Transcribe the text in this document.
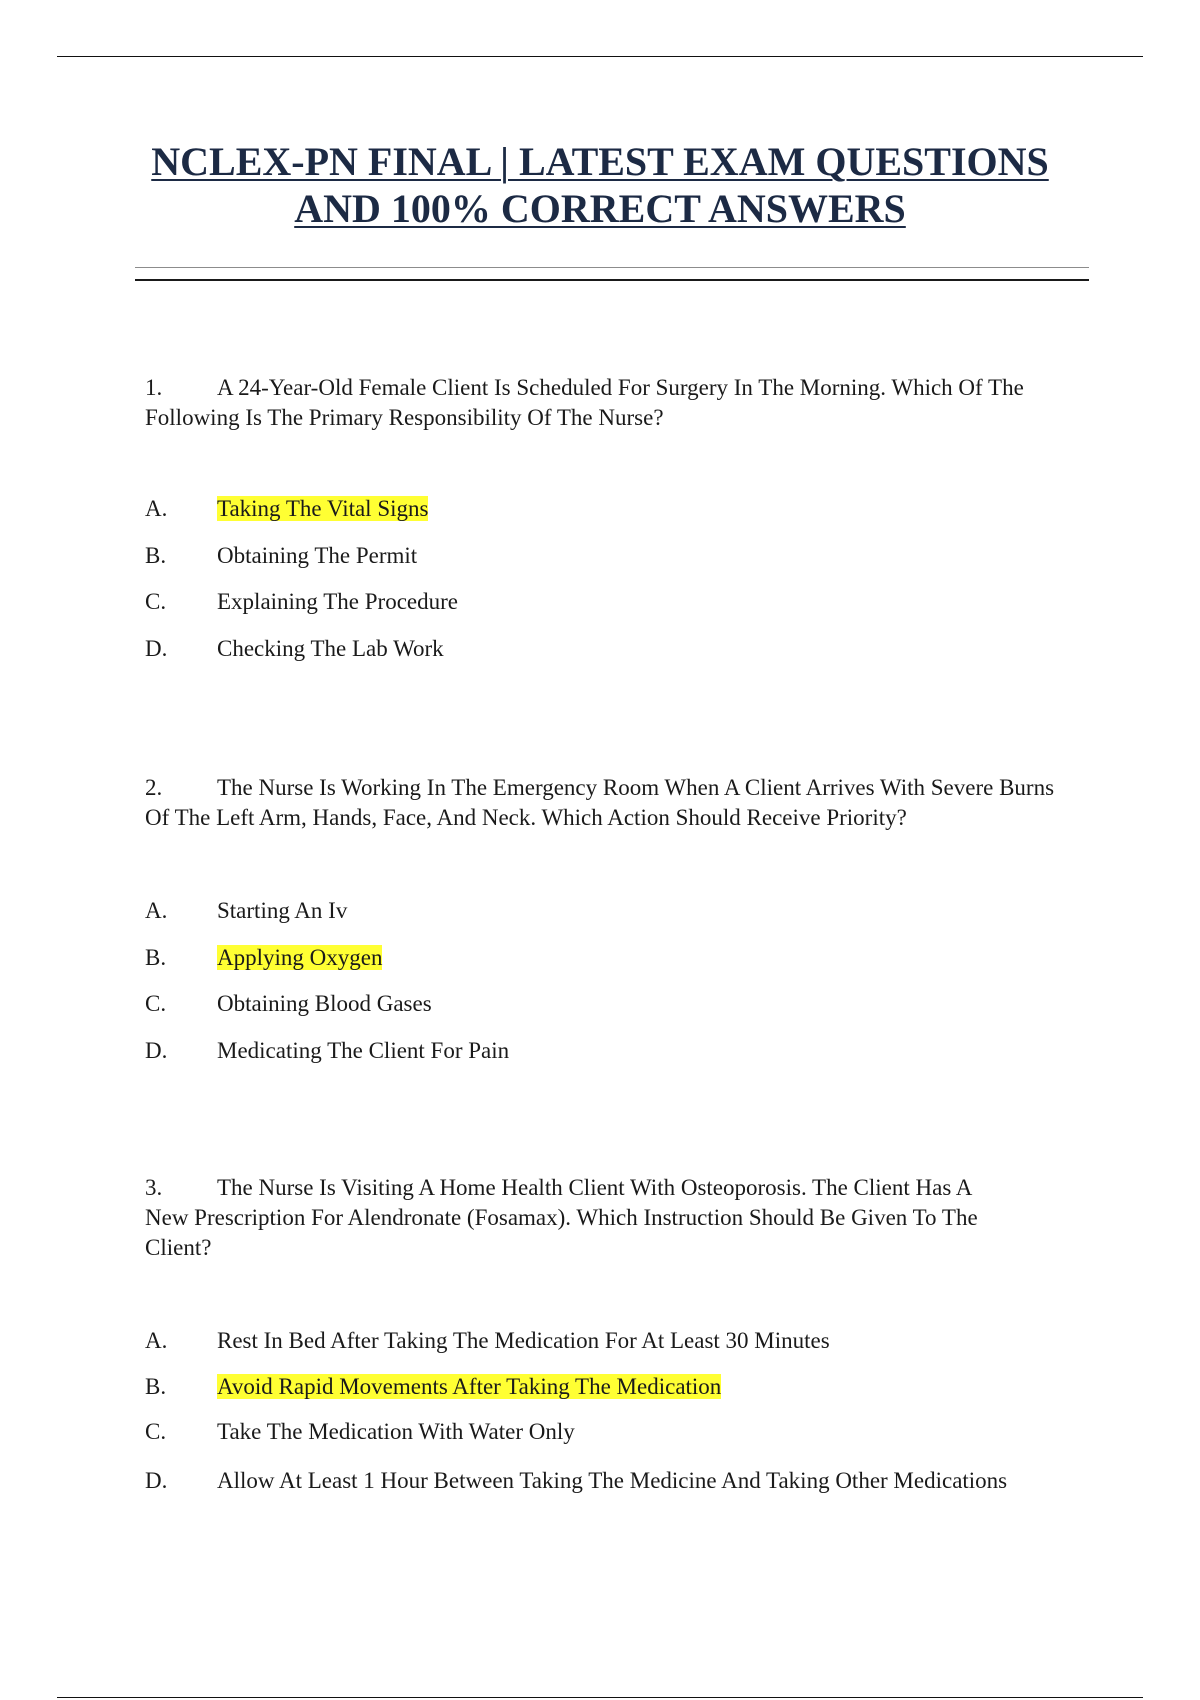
NCLEX-PN FINAL | LATEST EXAM QUESTIONS
AND 100% CORRECT ANSWERS
1. A 24-Year-Old Female Client Is Scheduled For Surgery In The Morning. Which Of The Following Is The Primary Responsibility Of The Nurse?
A. Taking The Vital Signs
B. Obtaining The Permit
C. Explaining The Procedure
D. Checking The Lab Work
2. The Nurse Is Working In The Emergency Room When A Client Arrives With Severe Burns Of The Left Arm, Hands, Face, And Neck. Which Action Should Receive Priority?
A. Starting An Iv
B. Applying Oxygen
C. Obtaining Blood Gases
D. Medicating The Client For Pain
3. The Nurse Is Visiting A Home Health Client With Osteoporosis. The Client Has A New Prescription For Alendronate (Fosamax). Which Instruction Should Be Given To The Client?
A. Rest In Bed After Taking The Medication For At Least 30 Minutes
B. Avoid Rapid Movements After Taking The Medication
C. Take The Medication With Water Only
D. Allow At Least 1 Hour Between Taking The Medicine And Taking Other Medications
